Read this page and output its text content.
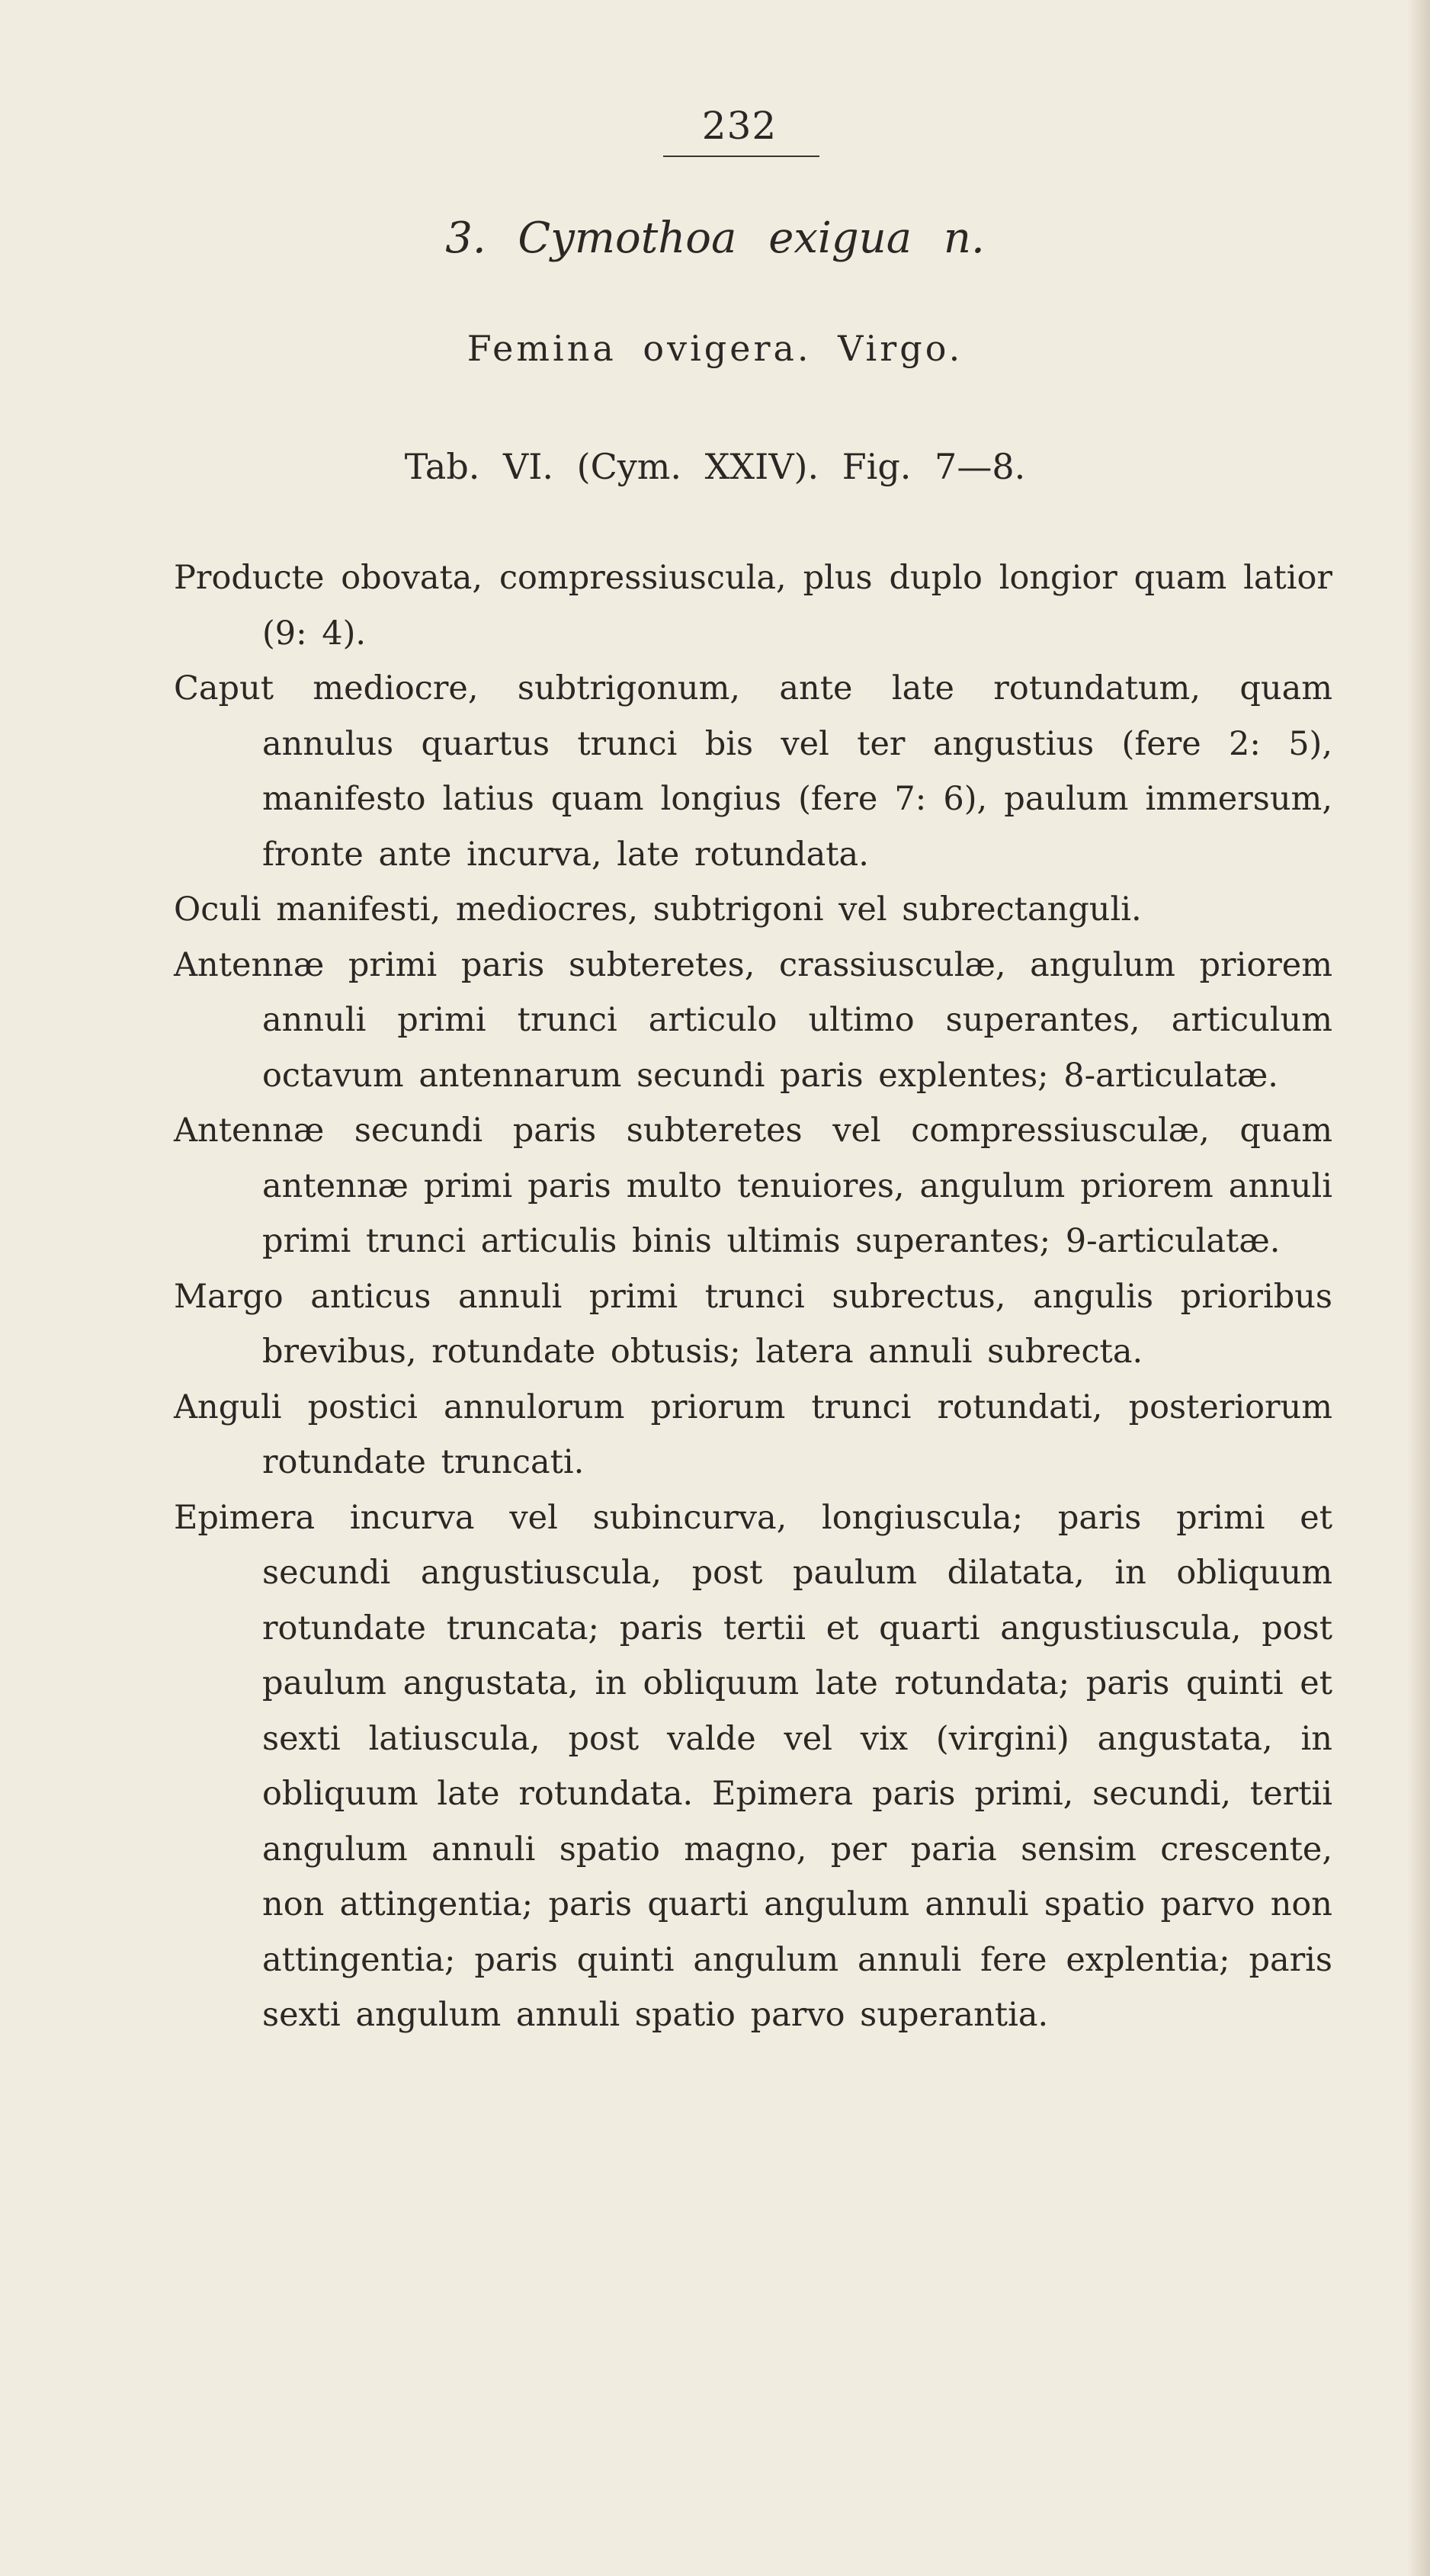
232
3. Cymothoa exigua n.
Femina ovigera. Virgo.
Tab. VI. (Cym. XXIV). Fig. 7—8.

Producte obovata, compressiuscula, plus duplo longior quam latior (9: 4).

Caput mediocre, subtrigonum, ante late rotundatum, quam annulus quartus trunci bis vel ter angustius (fere 2: 5), manifesto latius quam longius (fere 7: 6), paulum immersum, fronte ante incurva, late rotundata.

Oculi manifesti, mediocres, subtrigoni vel subrectanguli.

Antennæ primi paris subteretes, crassiusculæ, angulum priorem annuli primi trunci articulo ultimo superantes, articulum octavum antennarum secundi paris explentes; 8-articulatæ.

Antennæ secundi paris subteretes vel compressiusculæ, quam antennæ primi paris multo tenuiores, angulum priorem annuli primi trunci articulis binis ultimis superantes; 9-articulatæ.

Margo anticus annuli primi trunci subrectus, angulis prioribus brevibus, rotundate obtusis; latera annuli subrecta.

Anguli postici annulorum priorum trunci rotundati, posteriorum rotundate truncati.

Epimera incurva vel subincurva, longiuscula; paris primi et secundi angustiuscula, post paulum dilatata, in obliquum rotundate truncata; paris tertii et quarti angustiuscula, post paulum angustata, in obliquum late rotundata; paris quinti et sexti latiuscula, post valde vel vix (virgini) angustata, in obliquum late rotundata. Epimera paris primi, secundi, tertii angulum annuli spatio magno, per paria sensim crescente, non attingentia; paris quarti angulum annuli spatio parvo non attingentia; paris quinti angulum annuli fere explentia; paris sexti angulum annuli spatio parvo superantia.
